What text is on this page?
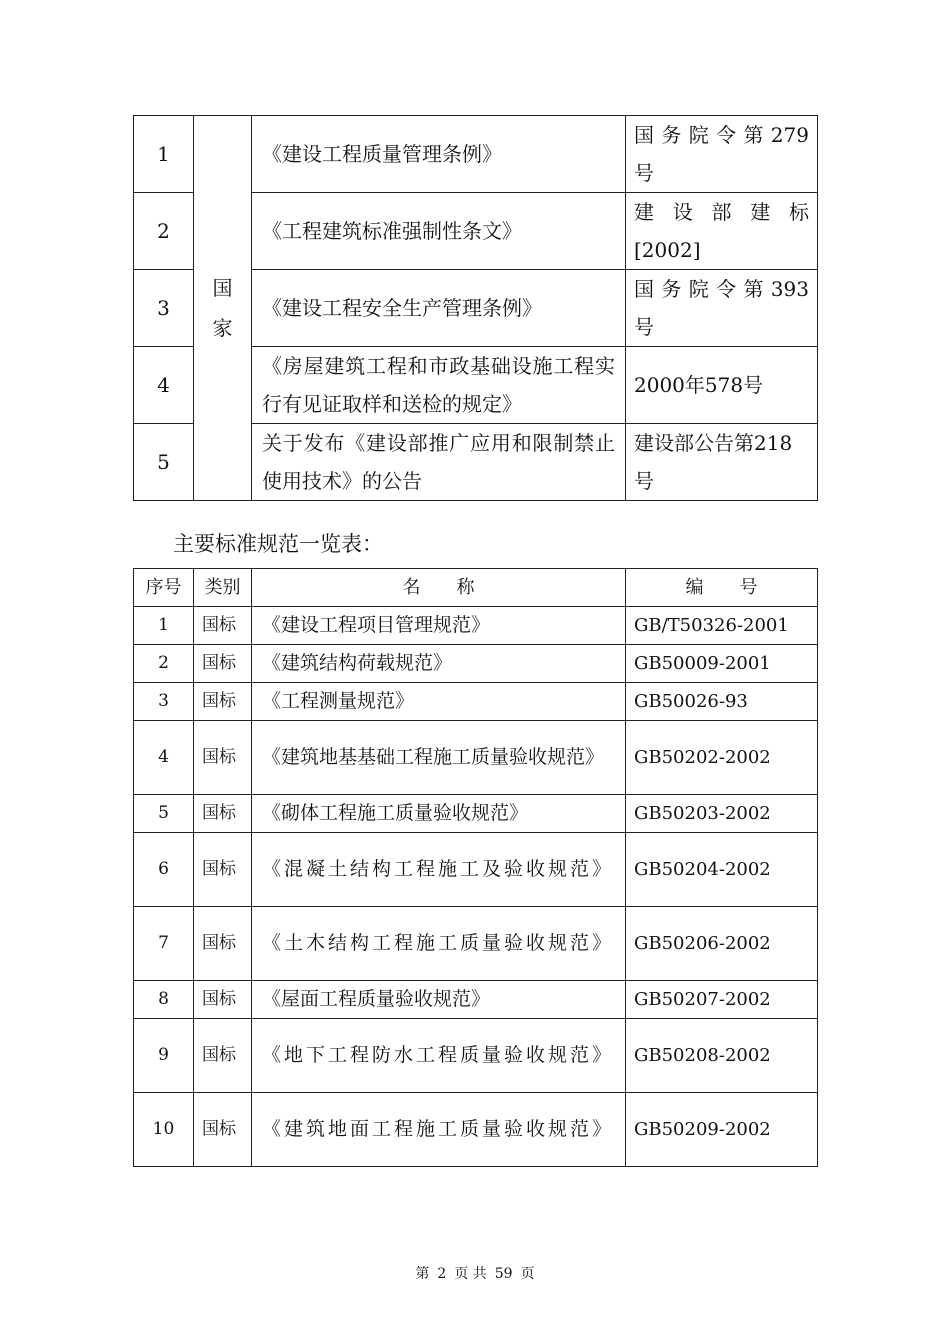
1	国家	《建设工程质量管理条例》	国务院令第279
号

2		《工程建筑标准强制性条文》	建设部建标
[2002]

3		《建设工程安全生产管理条例》	国务院令第393
号

4		《房屋建筑工程和市政基础设施工程实行有见证取样和送检的规定》	2000年578号
5		关于发布《建设部推广应用和限制禁止使用技术》的公告	建设部公告第218
号
主要标准规范一览表：
序号	类别	名　　称	编　　号
1	国标	《建设工程项目管理规范》	GB/T50326-2001
2	国标	《建筑结构荷载规范》	GB50009-2001
3	国标	《工程测量规范》	GB50026-93
4	国标	《建筑地基基础工程施工质量验收规范》	GB50202-2002
5	国标	《砌体工程施工质量验收规范》	GB50203-2002
6	国标	《混凝土结构工程施工及验收规范》	GB50204-2002
7	国标	《土木结构工程施工质量验收规范》	GB50206-2002
8	国标	《屋面工程质量验收规范》	GB50207-2002
9	国标	《地下工程防水工程质量验收规范》	GB50208-2002
10	国标	《建筑地面工程施工质量验收规范》	GB50209-2002
第 2 页 共 59 页
